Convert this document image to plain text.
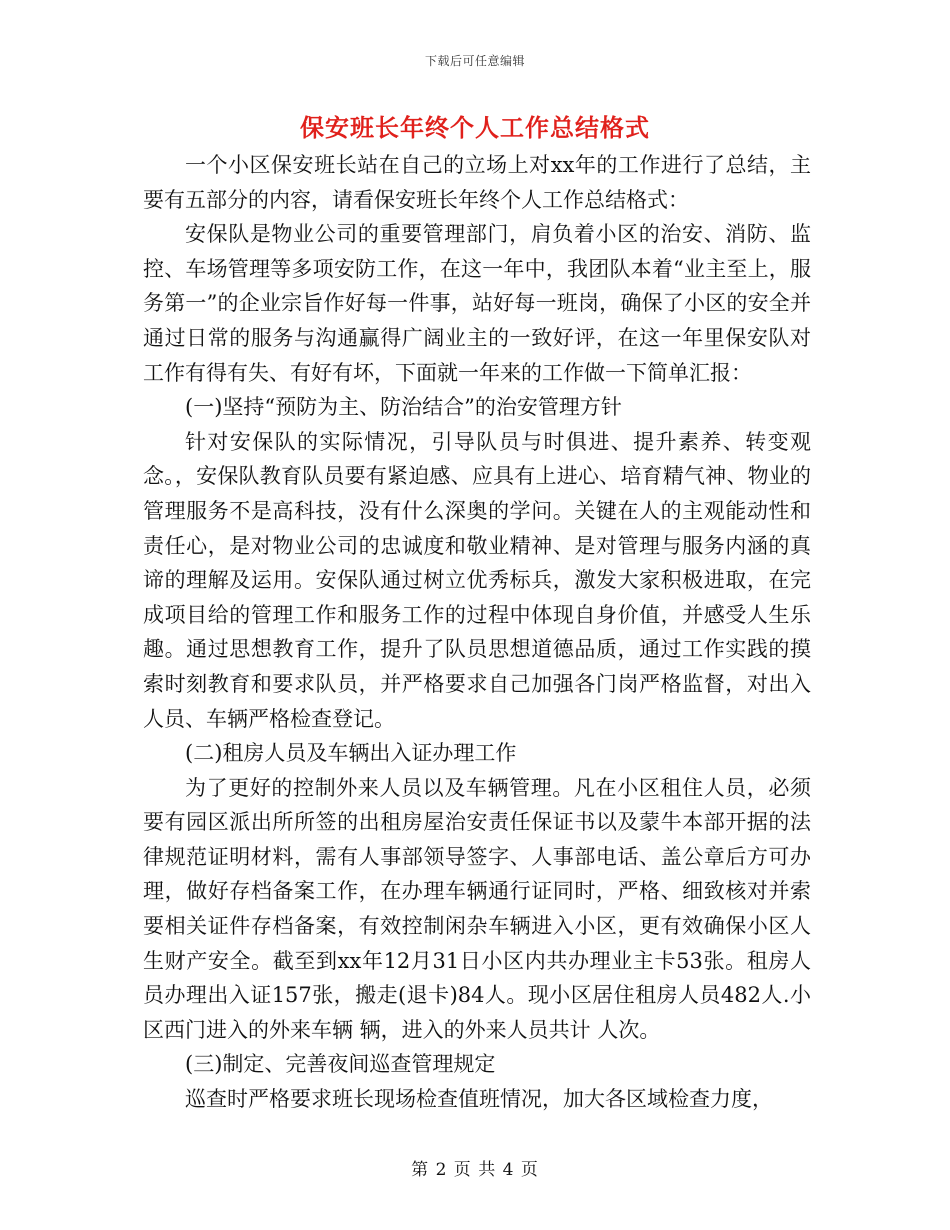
下载后可任意编辑
保安班长年终个人工作总结格式

一个小区保安班长站在自己的立场上对xx年的工作进行了总结，主要有五部分的内容，请看保安班长年终个人工作总结格式：

安保队是物业公司的重要管理部门，肩负着小区的治安、消防、监控、车场管理等多项安防工作，在这一年中，我团队本着“业主至上，服务第一”的企业宗旨作好每一件事，站好每一班岗，确保了小区的安全并通过日常的服务与沟通赢得广阔业主的一致好评，在这一年里保安队对工作有得有失、有好有坏，下面就一年来的工作做一下简单汇报：

(一)坚持“预防为主、防治结合”的治安管理方针

针对安保队的实际情况，引导队员与时俱进、提升素养、转变观念。，安保队教育队员要有紧迫感、应具有上进心、培育精气神、物业的管理服务不是高科技，没有什么深奥的学问。关键在人的主观能动性和责任心，是对物业公司的忠诚度和敬业精神、是对管理与服务内涵的真谛的理解及运用。安保队通过树立优秀标兵，激发大家积极进取，在完成项目给的管理工作和服务工作的过程中体现自身价值，并感受人生乐趣。通过思想教育工作，提升了队员思想道德品质，通过工作实践的摸索时刻教育和要求队员，并严格要求自己加强各门岗严格监督，对出入人员、车辆严格检查登记。

(二)租房人员及车辆出入证办理工作

为了更好的控制外来人员以及车辆管理。凡在小区租住人员，必须要有园区派出所所签的出租房屋治安责任保证书以及蒙牛本部开据的法律规范证明材料，需有人事部领导签字、人事部电话、盖公章后方可办理，做好存档备案工作，在办理车辆通行证同时，严格、细致核对并索要相关证件存档备案，有效控制闲杂车辆进入小区，更有效确保小区人生财产安全。截至到xx年12月31日小区内共办理业主卡53张。租房人员办理出入证157张，搬走(退卡)84人。现小区居住租房人员482人.小区西门进入的外来车辆 辆，进入的外来人员共计 人次。

(三)制定、完善夜间巡查管理规定

巡查时严格要求班长现场检查值班情况，加大各区域检查力度，

第 2 页 共 4 页
